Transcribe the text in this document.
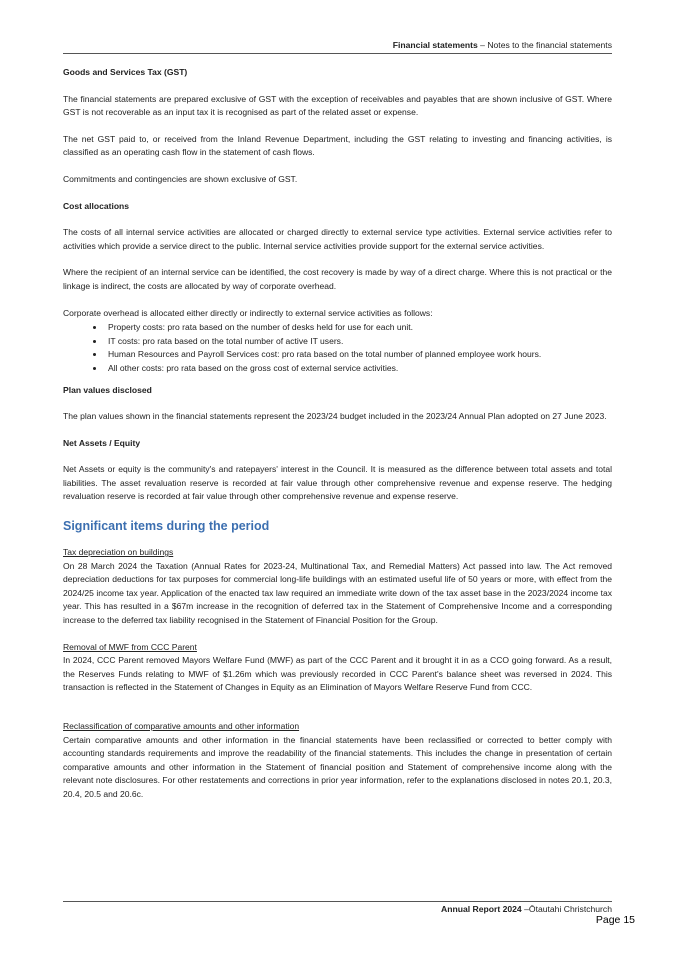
Financial statements – Notes to the financial statements
Goods and Services Tax (GST)

The financial statements are prepared exclusive of GST with the exception of receivables and payables that are shown inclusive of GST. Where GST is not recoverable as an input tax it is recognised as part of the related asset or expense.

The net GST paid to, or received from the Inland Revenue Department, including the GST relating to investing and financing activities, is classified as an operating cash flow in the statement of cash flows.

Commitments and contingencies are shown exclusive of GST.

Cost allocations

The costs of all internal service activities are allocated or charged directly to external service type activities. External service activities refer to activities which provide a service direct to the public. Internal service activities provide support for the external service activities.

Where the recipient of an internal service can be identified, the cost recovery is made by way of a direct charge. Where this is not practical or the linkage is indirect, the costs are allocated by way of corporate overhead.

Corporate overhead is allocated either directly or indirectly to external service activities as follows:

• Property costs: pro rata based on the number of desks held for use for each unit.
• IT costs: pro rata based on the total number of active IT users.
• Human Resources and Payroll Services cost: pro rata based on the total number of planned employee work hours.
• All other costs: pro rata based on the gross cost of external service activities.
Plan values disclosed

The plan values shown in the financial statements represent the 2023/24 budget included in the 2023/24 Annual Plan adopted on 27 June 2023.

Net Assets / Equity

Net Assets or equity is the community's and ratepayers' interest in the Council. It is measured as the difference between total assets and total liabilities. The asset revaluation reserve is recorded at fair value through other comprehensive revenue and expense reserve. The hedging revaluation reserve is recorded at fair value through other comprehensive revenue and expense reserve.

Significant items during the period
Tax depreciation on buildings

On 28 March 2024 the Taxation (Annual Rates for 2023-24, Multinational Tax, and Remedial Matters) Act passed into law. The Act removed depreciation deductions for tax purposes for commercial long-life buildings with an estimated useful life of 50 years or more, with effect from the 2024/25 income tax year. Application of the enacted tax law required an immediate write down of the tax asset base in the 2023/2024 income tax year. This has resulted in a $67m increase in the recognition of deferred tax in the Statement of Comprehensive Income and a corresponding increase to the deferred tax liability recognised in the Statement of Financial Position for the Group.

Removal of MWF from CCC Parent

In 2024, CCC Parent removed Mayors Welfare Fund (MWF) as part of the CCC Parent and it brought it in as a CCO going forward. As a result, the Reserves Funds relating to MWF of $1.26m which was previously recorded in CCC Parent's balance sheet was reversed in 2024. This transaction is reflected in the Statement of Changes in Equity as an Elimination of Mayors Welfare Reserve Fund from CCC.

Reclassification of comparative amounts and other information

Certain comparative amounts and other information in the financial statements have been reclassified or corrected to better comply with accounting standards requirements and improve the readability of the financial statements. This includes the change in presentation of certain comparative amounts and other information in the Statement of financial position and Statement of comprehensive income along with the relevant note disclosures. For other restatements and corrections in prior year information, refer to the explanations disclosed in notes 20.1, 20.3, 20.4, 20.5 and 20.6c.

Annual Report 2024 –Ōtautahi Christchurch
Page 15
